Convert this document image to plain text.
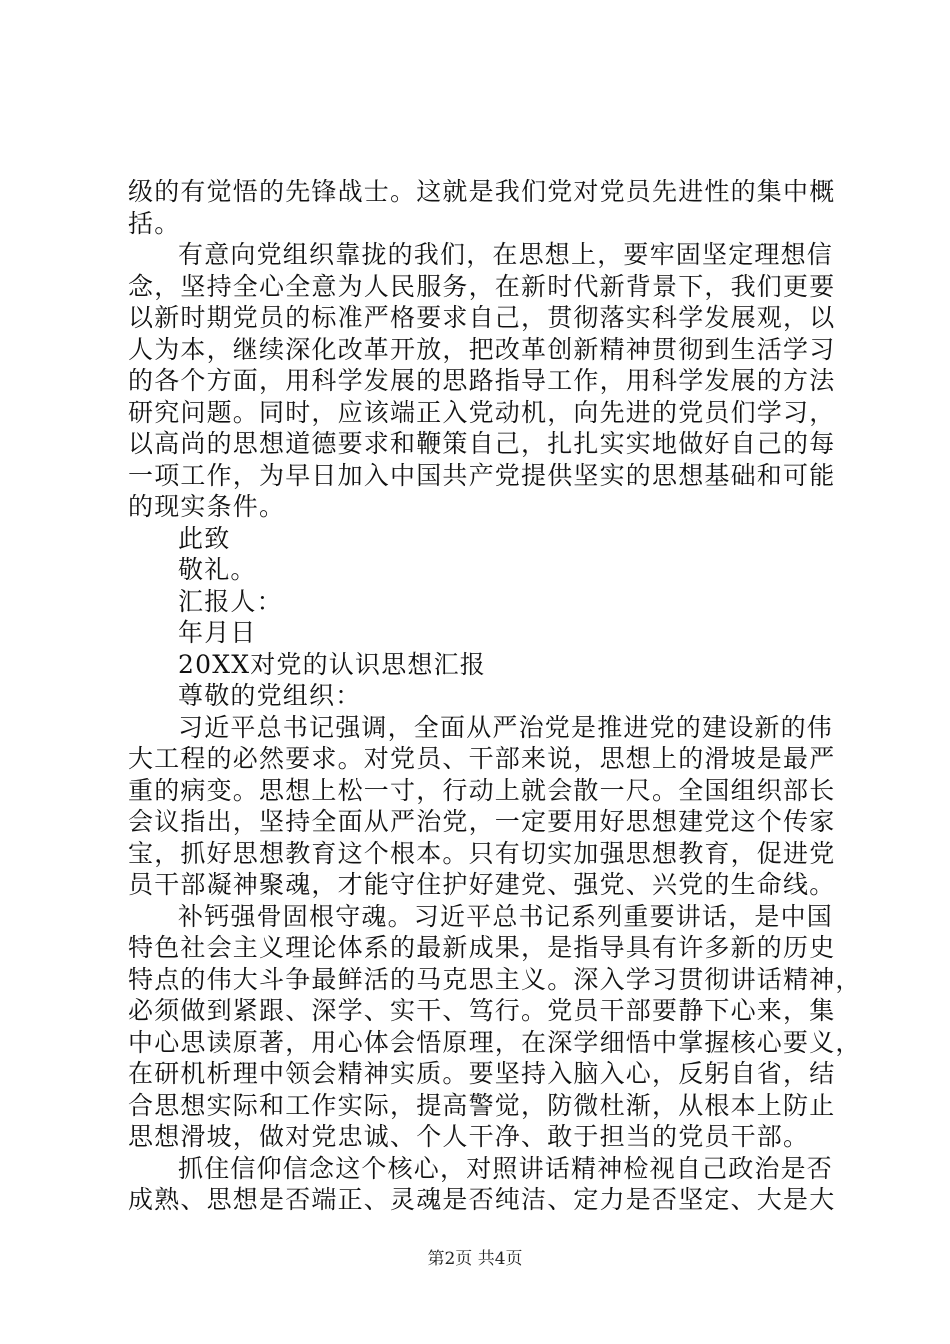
级的有觉悟的先锋战士。这就是我们党对党员先进性的集中概
括。
有意向党组织靠拢的我们，在思想上，要牢固坚定理想信
念，坚持全心全意为人民服务，在新时代新背景下，我们更要
以新时期党员的标准严格要求自己，贯彻落实科学发展观，以
人为本，继续深化改革开放，把改革创新精神贯彻到生活学习
的各个方面，用科学发展的思路指导工作，用科学发展的方法
研究问题。同时，应该端正入党动机，向先进的党员们学习，
以高尚的思想道德要求和鞭策自己，扎扎实实地做好自己的每
一项工作，为早日加入中国共产党提供坚实的思想基础和可能
的现实条件。
此致
敬礼。
汇报人：
年月日
20XX对党的认识思想汇报
尊敬的党组织：
习近平总书记强调，全面从严治党是推进党的建设新的伟
大工程的必然要求。对党员、干部来说，思想上的滑坡是最严
重的病变。思想上松一寸，行动上就会散一尺。全国组织部长
会议指出，坚持全面从严治党，一定要用好思想建党这个传家
宝，抓好思想教育这个根本。只有切实加强思想教育，促进党
员干部凝神聚魂，才能守住护好建党、强党、兴党的生命线。
补钙强骨固根守魂。习近平总书记系列重要讲话，是中国
特色社会主义理论体系的最新成果，是指导具有许多新的历史
特点的伟大斗争最鲜活的马克思主义。深入学习贯彻讲话精神，
必须做到紧跟、深学、实干、笃行。党员干部要静下心来，集
中心思读原著，用心体会悟原理，在深学细悟中掌握核心要义，
在研机析理中领会精神实质。要坚持入脑入心，反躬自省，结
合思想实际和工作实际，提高警觉，防微杜渐，从根本上防止
思想滑坡，做对党忠诚、个人干净、敢于担当的党员干部。
抓住信仰信念这个核心，对照讲话精神检视自己政治是否
成熟、思想是否端正、灵魂是否纯洁、定力是否坚定、大是大
第2页 共4页
